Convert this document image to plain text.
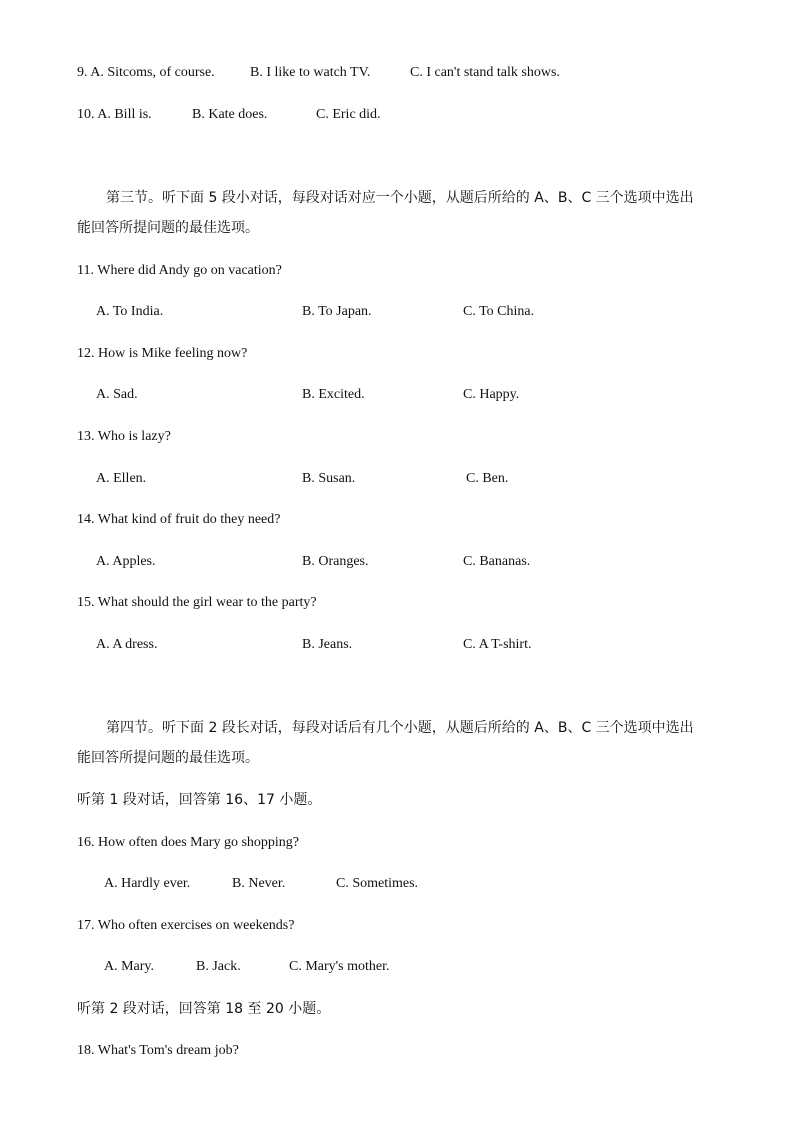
9. A. Sitcoms, of course.	B. I like to watch TV.	C. I can't stand talk shows.
10. A. Bill is.	B. Kate does.	C. Eric did.
第三节。听下面 5 段小对话，每段对话对应一个小题，从题后所给的 A、B、C 三个选项中选出
能回答所提问题的最佳选项。
11. Where did Andy go on vacation?
A. To India.	B. To Japan.	C. To China.
12. How is Mike feeling now?
A. Sad.	B. Excited.	C. Happy.
13. Who is lazy?
A. Ellen.	B. Susan.	C. Ben.
14. What kind of fruit do they need?
A. Apples.	B. Oranges.	C. Bananas.
15. What should the girl wear to the party?
A. A dress.	B. Jeans.	C. A T-shirt.
第四节。听下面 2 段长对话，每段对话后有几个小题，从题后所给的 A、B、C 三个选项中选出
能回答所提问题的最佳选项。
听第 1 段对话，回答第 16、17 小题。
16. How often does Mary go shopping?
A. Hardly ever.	B. Never.	C. Sometimes.
17. Who often exercises on weekends?
A. Mary.	B. Jack.	C. Mary's mother.
听第 2 段对话，回答第 18 至 20 小题。
18. What's Tom's dream job?
